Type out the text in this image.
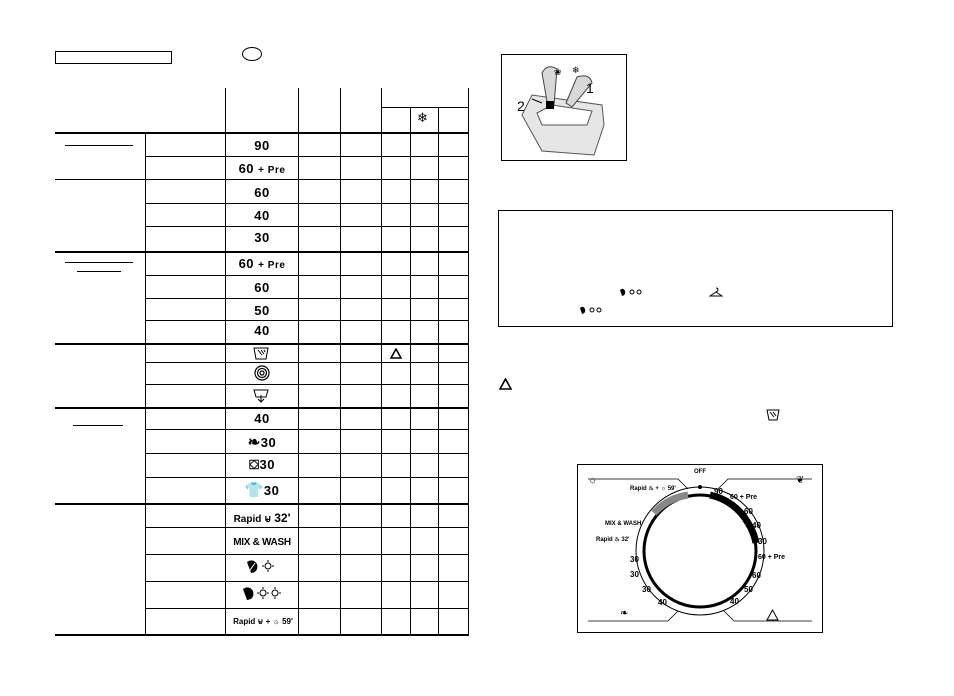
❄
90
60 + Pre
60
40
30
60 + Pre
60
50
40
40
❧30
⛋30
👕30
Rapid ⊌ 32'
MIX & WASH
Rapid ⊌ + ☼ 59'
❀ ❄
1
2
OFF
☼	❦
❧
90
60 + Pre
60
40
30
60 + Pre
60
50
40
Rapid ♨ + ☼ 59'
MIX & WASH
Rapid ♨ 32'
30
30
30
40
